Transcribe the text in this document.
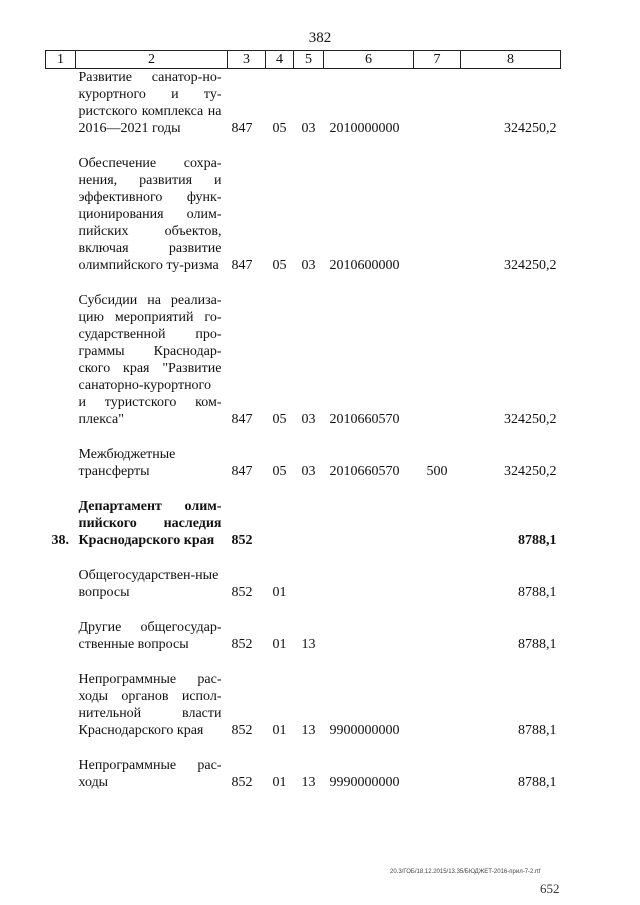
382
1	2	3	4	5	6	7	8
	Развитие санатор-но-курортного и ту-ристского комплекса на 2016—2021 годы	847	05	03	2010000000		324250,2

	Обеспечение сохра-нения, развития и эффективного функ-ционирования олим-пийских объектов, включая развитие олимпийского ту-ризма	847	05	03	2010600000		324250,2

	Субсидии на реализа-цию мероприятий го-сударственной про-граммы Краснодар-ского края "Развитие санаторно-курортного и туристского ком-плекса"	847	05	03	2010660570		324250,2

	Межбюджетные трансферты	847	05	03	2010660570	500	324250,2

38.	Департамент олим-пийского наследия Краснодарского края	852					8788,1

	Общегосударствен-ные вопросы	852	01				8788,1

	Другие общегосудар-ственные вопросы	852	01	13			8788,1

	Непрограммные рас-ходы органов испол-нительной власти Краснодарского края	852	01	13	9900000000		8788,1

	Непрограммные рас-ходы	852	01	13	9990000000		8788,1
20.3/ГОБ/18.12.2015/13.35/БЮДЖЕТ-2016-прил-7-2.rtf
652
